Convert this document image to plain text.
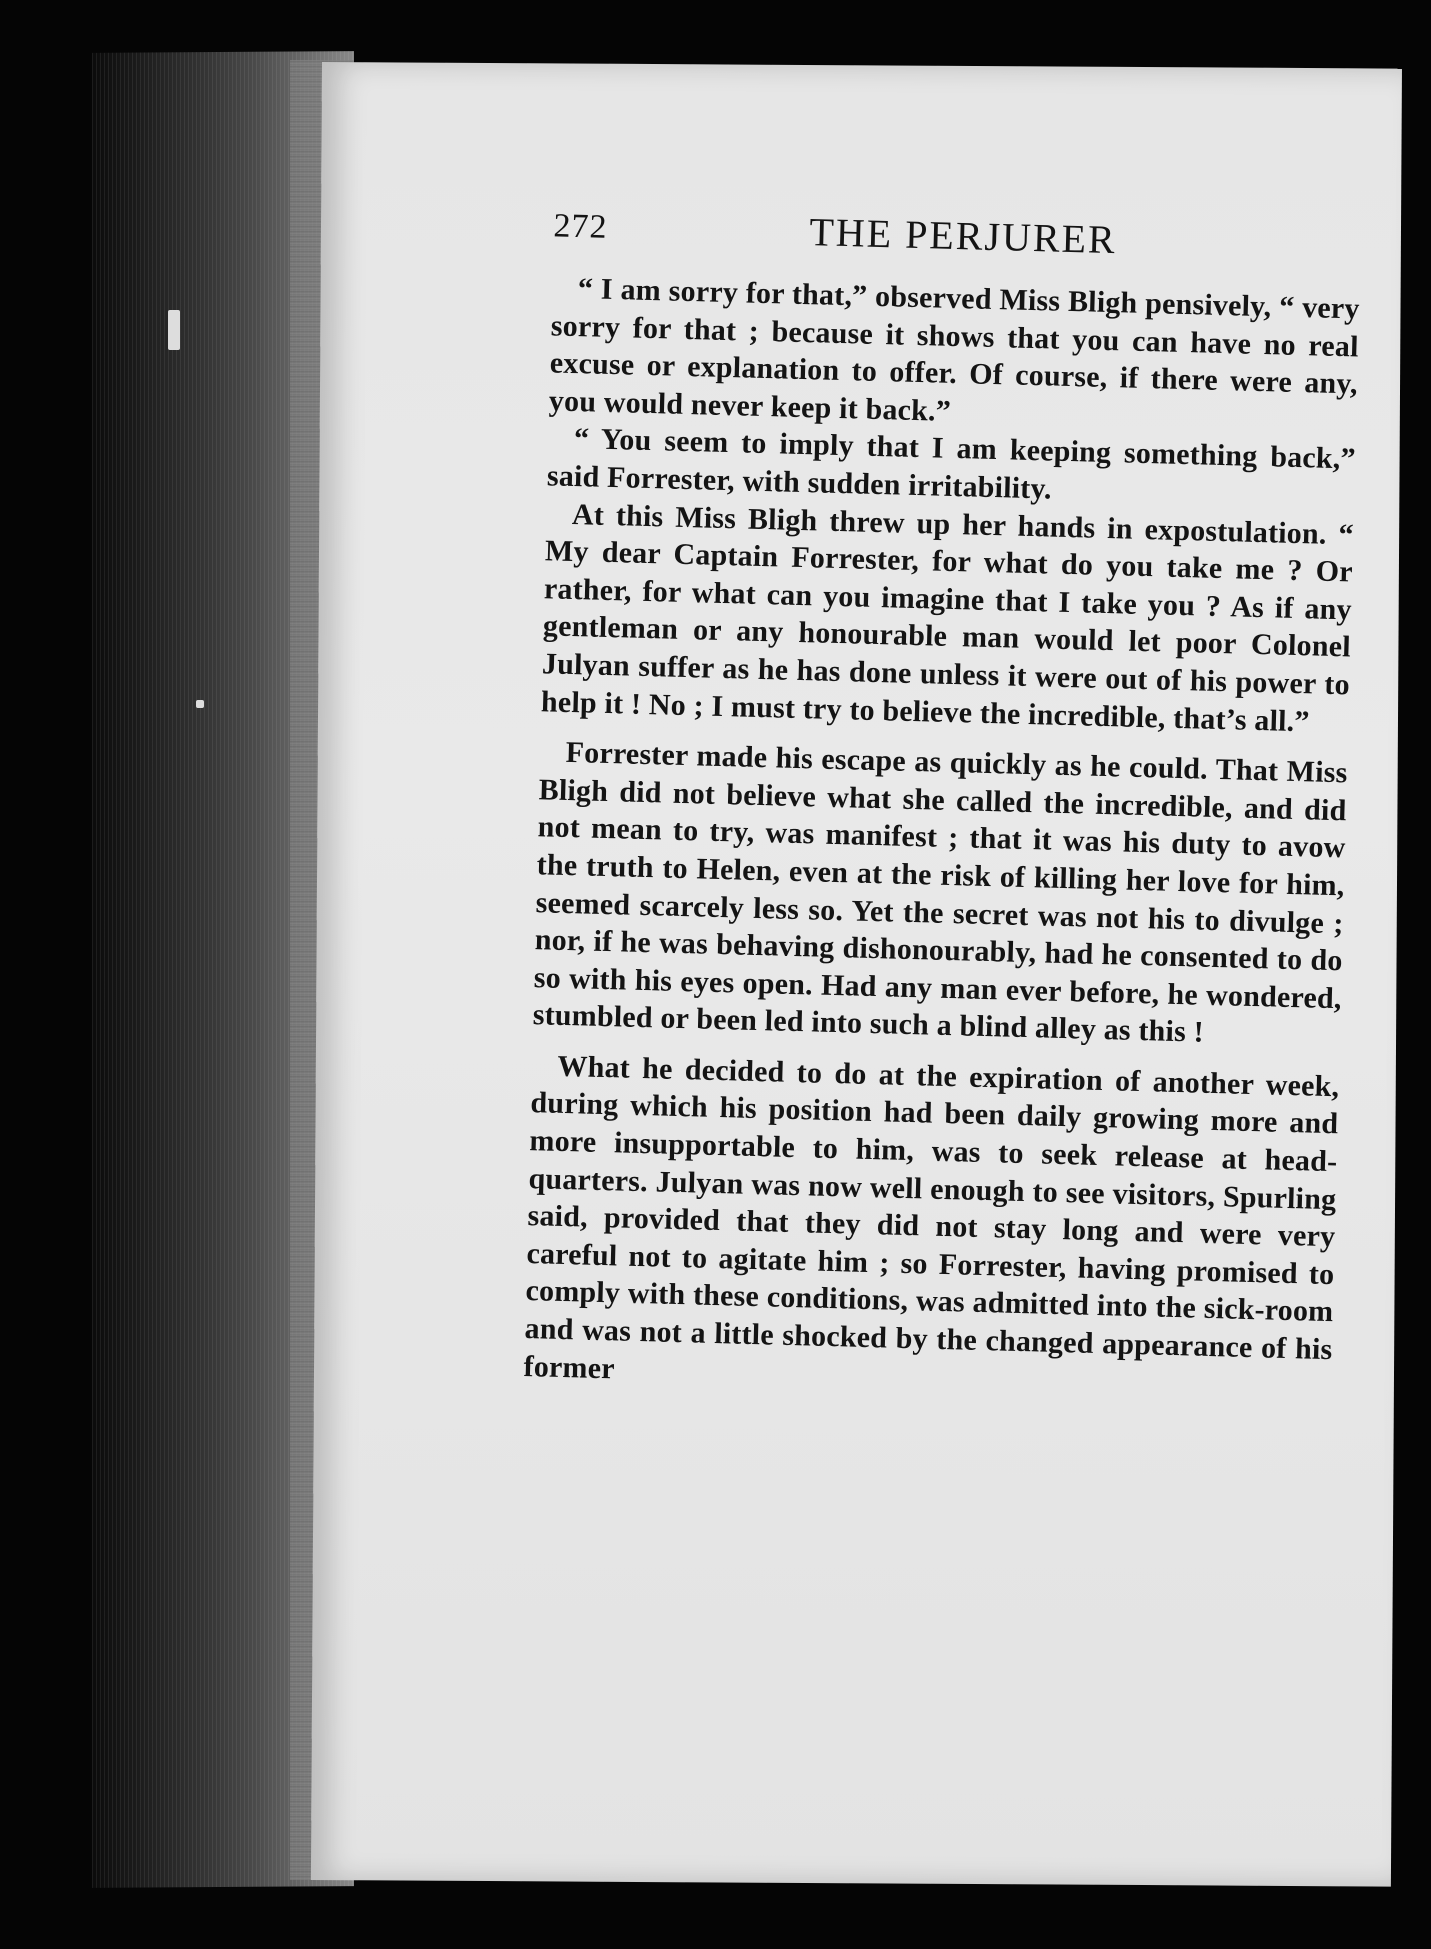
272	THE PERJURER

“ I am sorry for that,” observed Miss Bligh pensively, “ very sorry for that ; because it shows that you can have no real excuse or explanation to offer. Of course, if there were any, you would never keep it back.”

“ You seem to imply that I am keeping something back,” said Forrester, with sudden irritability.

At this Miss Bligh threw up her hands in expostulation. “ My dear Captain Forrester, for what do you take me ? Or rather, for what can you imagine that I take you ? As if any gentleman or any honourable man would let poor Colonel Julyan suffer as he has done unless it were out of his power to help it ! No ; I must try to believe the incredible, that’s all.”

Forrester made his escape as quickly as he could. That Miss Bligh did not believe what she called the incredible, and did not mean to try, was manifest ; that it was his duty to avow the truth to Helen, even at the risk of killing her love for him, seemed scarcely less so. Yet the secret was not his to divulge ; nor, if he was behaving dishonourably, had he consented to do so with his eyes open. Had any man ever before, he wondered, stumbled or been led into such a blind alley as this !

What he decided to do at the expiration of another week, during which his position had been daily growing more and more insupportable to him, was to seek release at head-quarters. Julyan was now well enough to see visitors, Spurling said, provided that they did not stay long and were very careful not to agitate him ; so Forrester, having promised to comply with these conditions, was admitted into the sick-room and was not a little shocked by the changed appearance of his former
